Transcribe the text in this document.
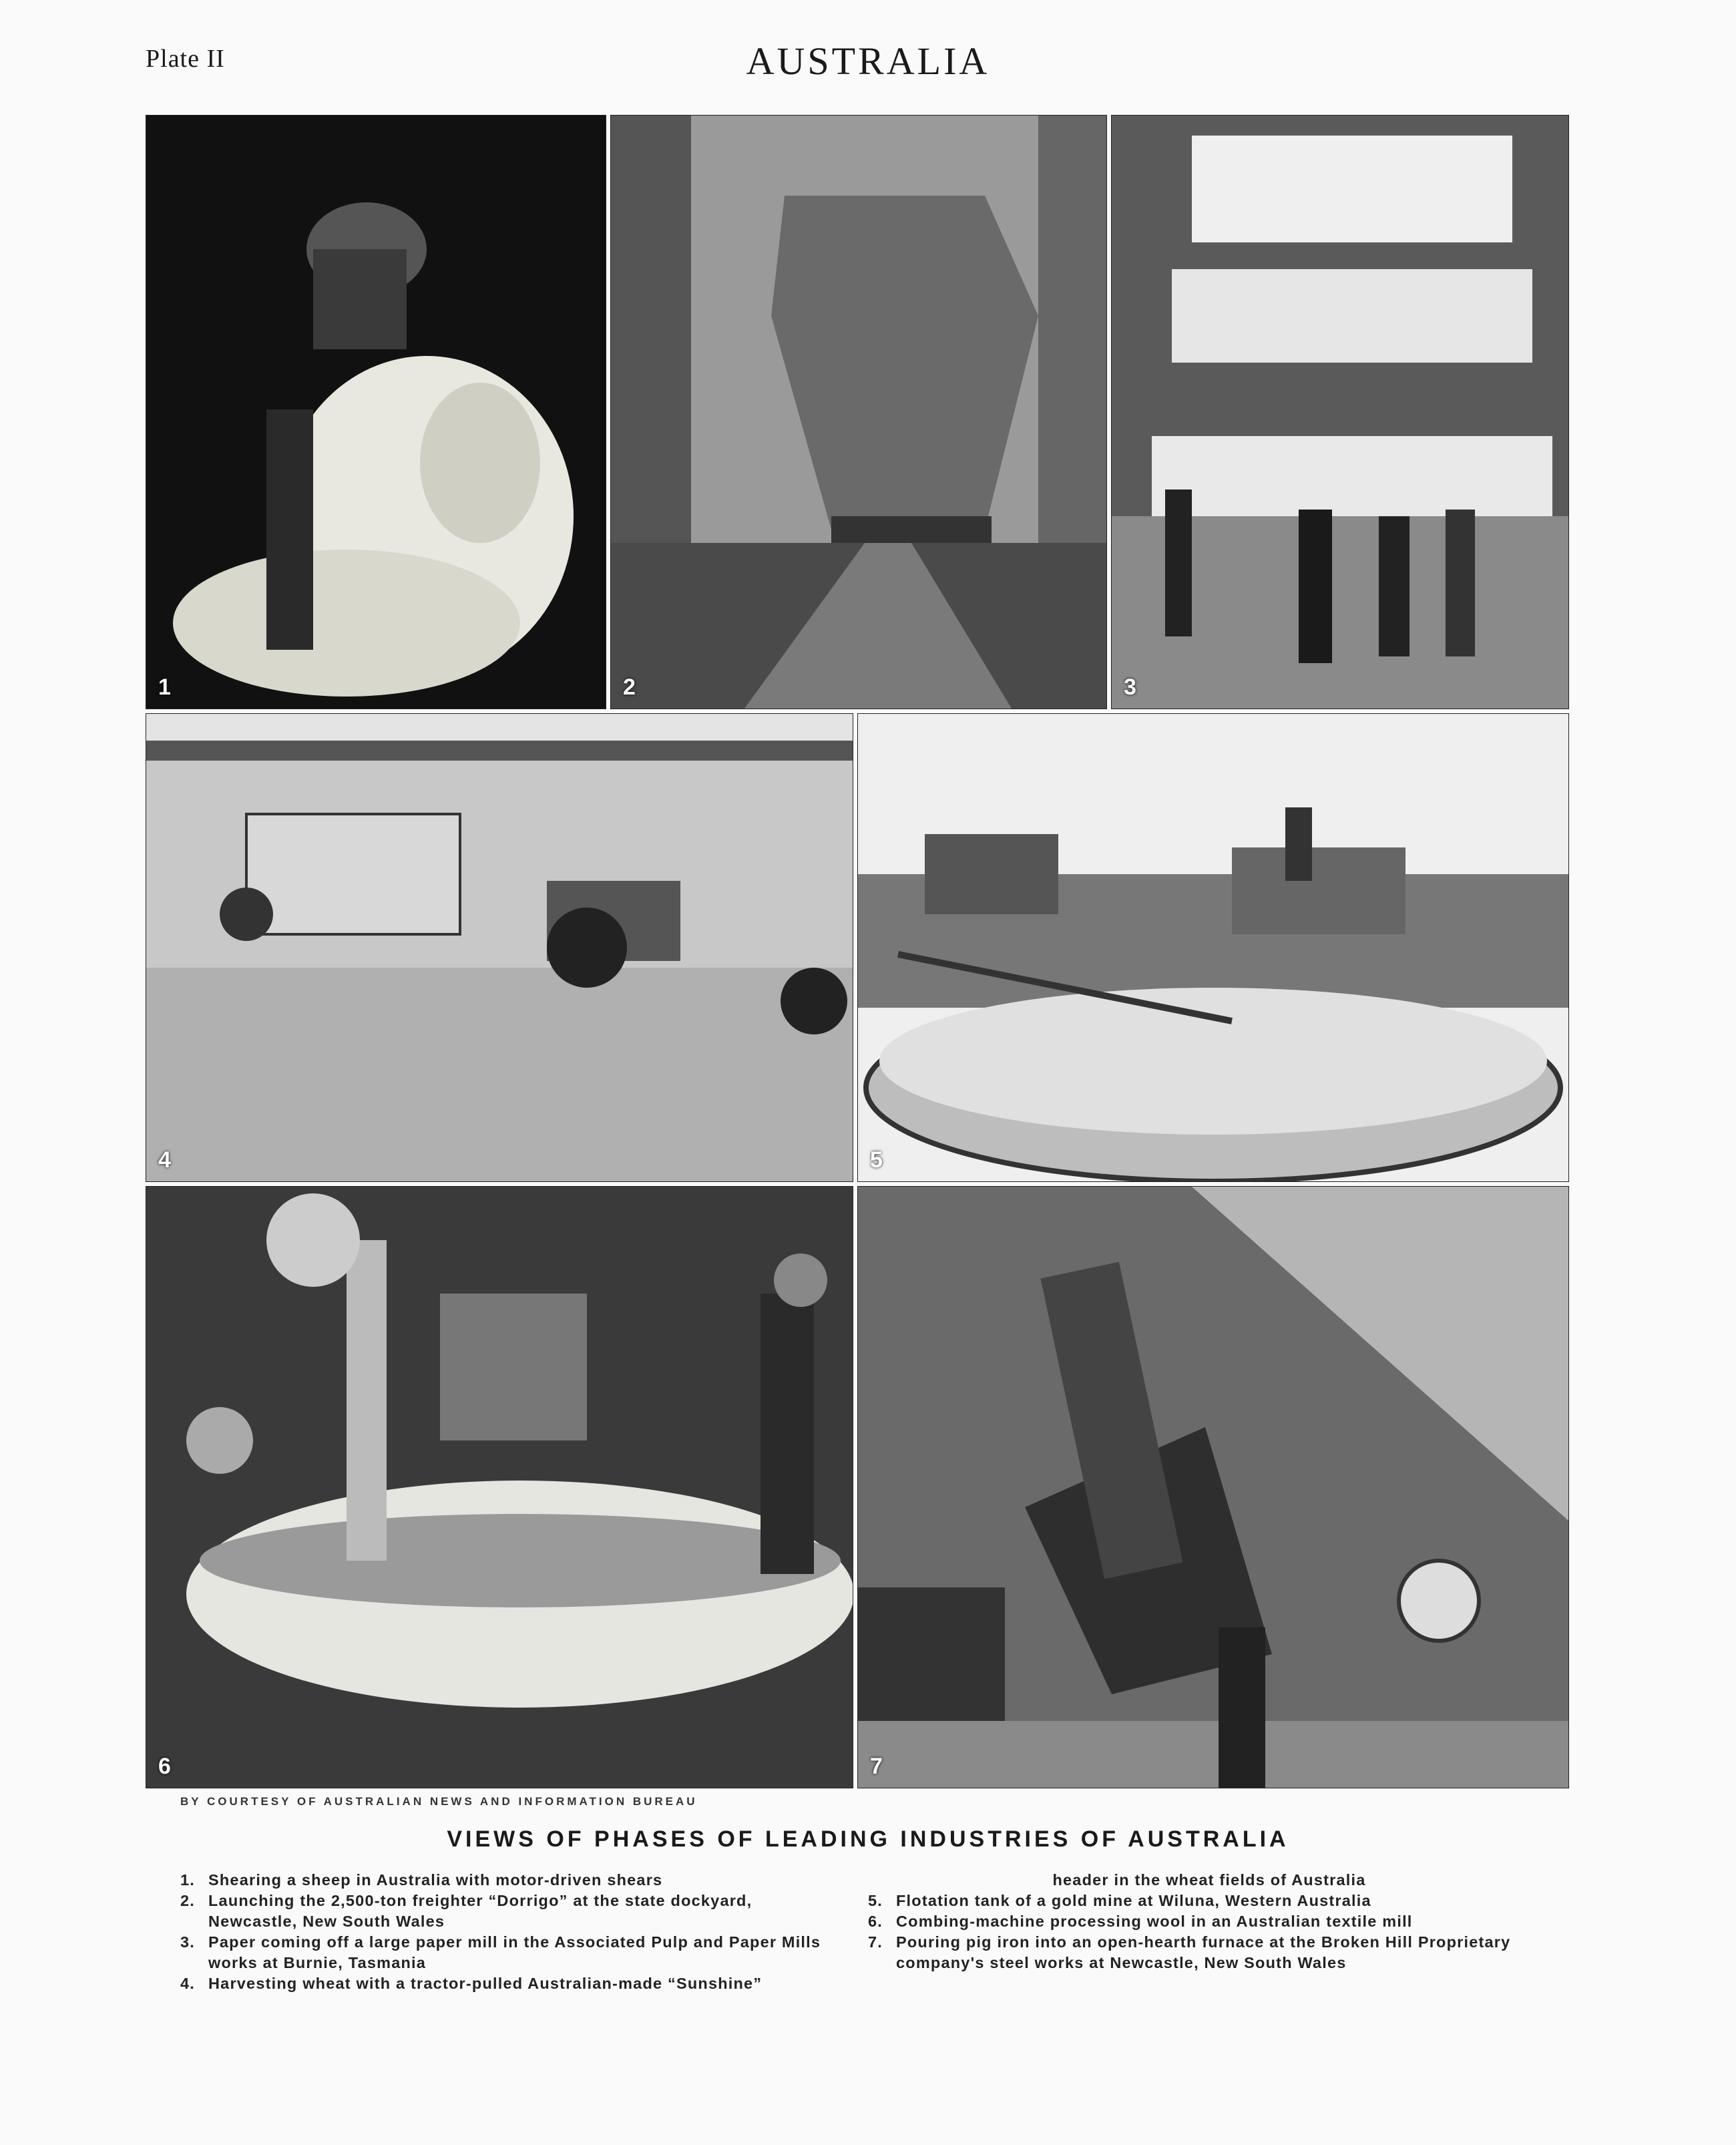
Plate II	AUSTRALIA
1	2	3
4	5
6	7
BY COURTESY OF AUSTRALIAN NEWS AND INFORMATION BUREAU
VIEWS OF PHASES OF LEADING INDUSTRIES OF AUSTRALIA
1. Shearing a sheep in Australia with motor-driven shears
2. Launching the 2,500-ton freighter “Dorrigo” at the state dockyard, Newcastle, New South Wales
3. Paper coming off a large paper mill in the Associated Pulp and Paper Mills works at Burnie, Tasmania
4. Harvesting wheat with a tractor-pulled Australian-made “Sunshine”
header in the wheat fields of Australia
5. Flotation tank of a gold mine at Wiluna, Western Australia
6. Combing-machine processing wool in an Australian textile mill
7. Pouring pig iron into an open-hearth furnace at the Broken Hill Proprietary company's steel works at Newcastle, New South Wales
